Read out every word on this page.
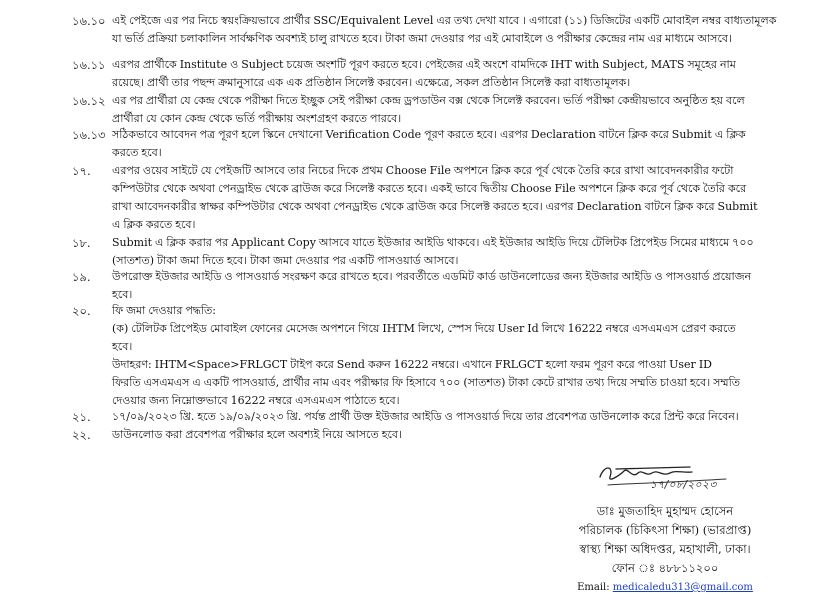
১৬.১০ এই পেইজে এর পর নিচে স্বয়ংক্রিয়ভাবে প্রার্থীর SSC/Equivalent Level এর তথ্য দেখা যাবে । এগারো (১১) ডিজিটের একটি মোবাইল নম্বর বাধ্যতামূলক
যা ভর্তি প্রক্রিয়া চলাকালিন সার্বক্ষণিক অবশ্যই চালু রাখতে হবে। টাকা জমা দেওয়ার পর এই মোবাইলে ও পরীক্ষার কেন্দ্রের নাম এর মাধ্যমে আসবে।
১৬.১১ এরপর প্রার্থীকে Institute ও Subject চয়েজ অংশটি পূরণ করতে হবে। পেইজের এই অংশে বামদিকে IHT with Subject, MATS সমূহের নাম
রয়েছে। প্রার্থী তার পছন্দ ক্রমানুসারে এক এক প্রতিষ্ঠান সিলেক্ট করবেন। এক্ষেত্রে, সকল প্রতিষ্ঠান সিলেক্ট করা বাধ্যতামূলক।
১৬.১২ এর পর প্রার্থীরা যে কেন্দ্র থেকে পরীক্ষা দিতে ইচ্ছুক সেই পরীক্ষা কেন্দ্র ড্রপডাউন বক্স থেকে সিলেক্ট করবেন। ভর্তি পরীক্ষা কেন্দ্রীয়ভাবে অনুষ্ঠিত হয় বলে
প্রার্থীরা যে কোন কেন্দ্র থেকে ভর্তি পরীক্ষায় অংশগ্রহণ করতে পারবে।
১৬.১৩ সঠিকভাবে আবেদন পত্র পূরণ হলে স্কিনে দেখানো Verification Code পূরণ করতে হবে। এরপর Declaration বাটনে ক্লিক করে Submit এ ক্লিক
করতে হবে।
১৭.	এরপর ওয়েব সাইটে যে পেইজটি আসবে তার নিচের দিকে প্রথম Choose File অপশনে ক্লিক করে পূর্ব থেকে তৈরি করে রাখা আবেদনকারীর ফটো
কম্পিউটার থেকে অথবা পেনড্রাইভ থেকে ব্রাউজ করে সিলেক্ট করতে হবে। একই ভাবে দ্বিতীয় Choose File অপশনে ক্লিক করে পূর্ব থেকে তৈরি করে
রাখা আবেদনকারীর স্বাক্ষর কম্পিউটার থেকে অথবা পেনড্রাইভ থেকে ব্রাউজ করে সিলেক্ট করতে হবে। এরপর Declaration বাটনে ক্লিক করে Submit
এ ক্লিক করতে হবে।
১৮.	Submit এ ক্লিক করার পর Applicant Copy আসবে যাতে ইউজার আইডি থাকবে। এই ইউজার আইডি দিয়ে টেলিটক প্রিপেইড সিমের মাধ্যমে ৭০০
(সাতশত) টাকা জমা দিতে হবে। টাকা জমা দেওয়ার পর একটি পাসওয়ার্ড আসবে।
১৯.	উপরোক্ত ইউজার আইডি ও পাসওয়ার্ড সংরক্ষণ করে রাখতে হবে। পরবর্তীতে এডমিট কার্ড ডাউনলোডের জন্য ইউজার আইডি ও পাসওয়ার্ড প্রয়োজন
হবে।
২০.	ফি জমা দেওয়ার পদ্ধতি:
(ক) টেলিটক প্রিপেইড মোবাইল ফোনের মেসেজ অপশনে গিয়ে IHTM লিখে, স্পেস দিয়ে User Id লিখে 16222 নম্বরে এসএমএস প্রেরণ করতে
হবে।
উদাহরণ: IHTM<Space>FRLGCT টাইপ করে Send করুন 16222 নম্বরে। এখানে FRLGCT হলো ফরম পূরণ করে পাওয়া User ID
ফিরতি এসএমএস এ একটি পাসওয়ার্ড, প্রার্থীর নাম এবং পরীক্ষার ফি হিসাবে ৭০০ (সাতশত) টাকা কেটে রাখার তথ্য দিয়ে সম্মতি চাওয়া হবে। সম্মতি
দেওয়ার জন্য নিম্নোক্তভাবে 16222 নম্বরে এসএমএস পাঠাতে হবে।
২১.	১৭/০৯/২০২৩ খ্রি. হতে ১৯/০৯/২০২৩ খ্রি. পর্যন্ত প্রার্থী উক্ত ইউজার আইডি ও পাসওয়ার্ড দিয়ে তার প্রবেশপত্র ডাউনলোক করে প্রিন্ট করে নিবেন।
২২.	ডাউনলোড করা প্রবেশপত্র পরীক্ষার হলে অবশ্যই নিয়ে আসতে হবে।
১৭/০৮/২০২৩
ডাঃ মুজতাহিদ মুহাম্মদ হোসেন
পরিচালক (চিকিৎসা শিক্ষা) (ভারপ্রাপ্ত)
স্বাস্থ্য শিক্ষা অধিদপ্তর, মহাখালী, ঢাকা।
ফোন ঃ ৪৮৮১১২০০
Email: medicaledu313@gmail.com
